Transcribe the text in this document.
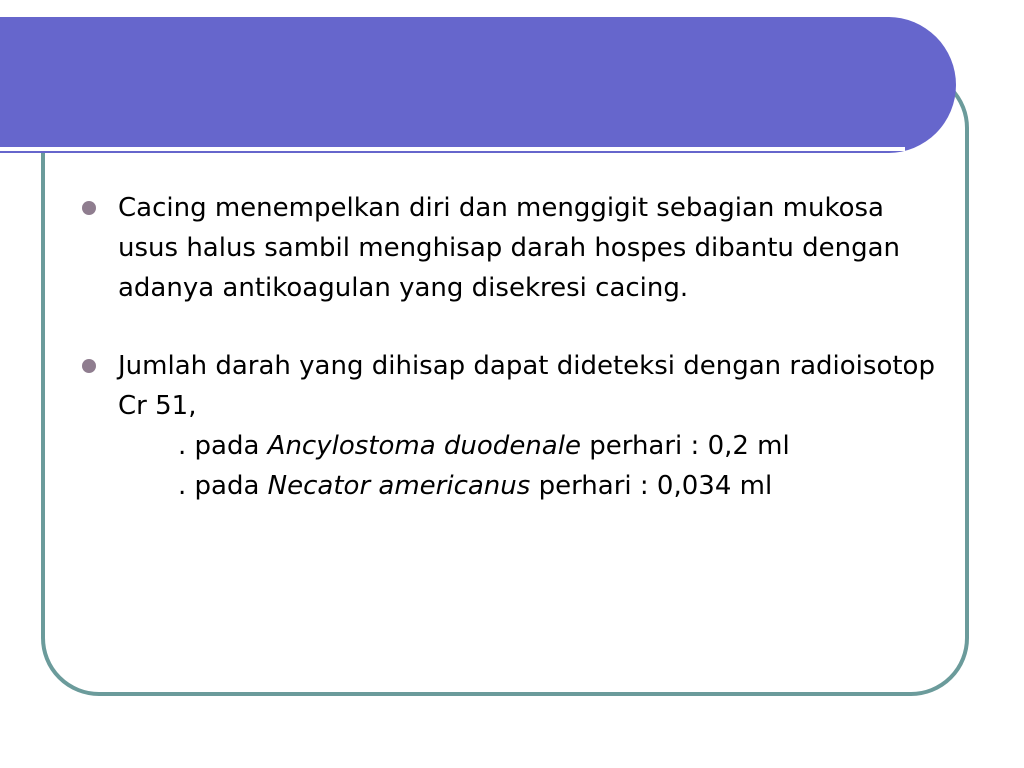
Cacing menempelkan diri dan menggigit sebagian mukosa usus halus sambil menghisap darah hospes dibantu dengan adanya antikoagulan yang disekresi cacing.
Jumlah darah yang dihisap dapat dideteksi dengan radioisotop Cr 51,
. pada Ancylostoma duodenale perhari : 0,2 ml
. pada Necator americanus perhari : 0,034 ml
